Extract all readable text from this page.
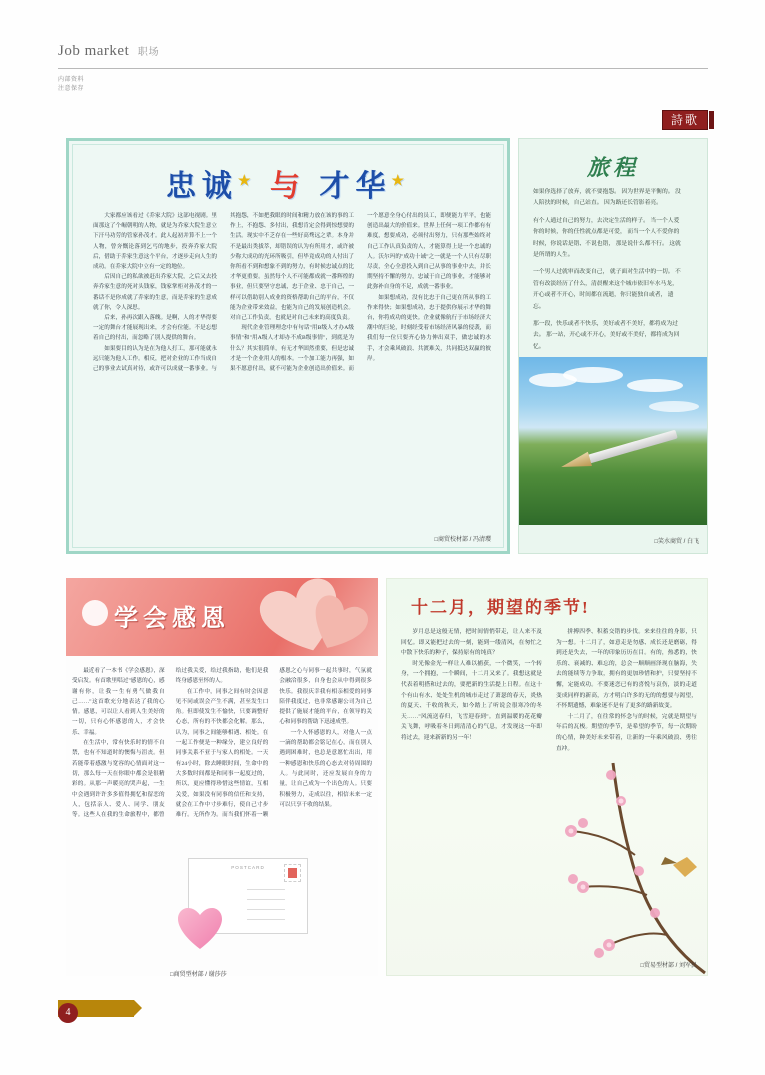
Job market 职场
内部资料
注意保存
詩歌
忠诚★ 与 才华★

大家都应该看过《乔家大院》这部电视剧。里面那这了个崛朝明的人物，就是为乔家大院生意立下汗马功劳的管家孙茂才。此人起初并算不上一个人物，曾夯慨论落到乞丐的地步，投奔乔家大院后，借助于乔家生意这个平台，才逐步走向人生的成功。在乔家大院中立有一定的地位。

后因自己的私欲被赶出乔家大院，之后又去投奔乔家生意的死对头钱家，钱家掌柜对孙茂才的一番话不是你成就了乔家的生意，而是乔家的生意成就了你，令人深思。

后来，孙再次跟入落魄。是啊，人的才华得要一定的舞台才能展现出来，才会有位能。不是忘想着自己的付出，而忽略了别人提供的舞台。

如果要目的认为是在为他人打工，那可能就永远只能为他人工作。相反，把对企业的工作当成自己的事业去试真对待，或许可以成就一番事业。与其抱怨，不如把我眼的时间和精力放在该的事的工作上，不抱怨、多付出，我想肯定会得到惊想要的生活。现实中不乏存在一些好高骛远之辈。本身并不是最出类拔萃，却错误的认为有所用才，或许被少称大成功的光环所吸引，但毕竟成功的人付出了你所看不到和想象不到的努力，有时候忠诚点的比才华更重要。虽然每个人不可能都成就一番辉煌的事业，但只要坚守忠诚，忠于企业、忠于自己，一样可以借助别人成业的资格帮助自己的平台，不仅能为企业带来效益，也能为自己的发展创造机会。对自己工作负责，也就是对自己未来的高度负责。

现代企业管理理念中有句话"用B级人才办A级事情"和"用A级人才却办不成B级事情"，到底是为什么？其实很简单，有无才华固然重要，但是忠诚才是一个企业用人的根本。一个加工能力再强，如果不愿意付出，就不可能为企业创造出价值来。而一个愿意全身心付出的员工，即便能力平平，也能创造出最大的价值来。世界上任何一项工作都有有难度，想要成功，必须付出努力，只有那些始终对自己工作认真负责的人，才能算得上是一个忠诚的人。沃尔玛的"成功十诫"之一就是一个人只有尽职尽责，全心全意投入到自己从事的事业中去，并长期坚持不懈的努力，忠诚于自己的事业，才能够对此弥补自身的不足，成就一番事业。

如果想成功，没有比忠于自己更在所从事的工作来得快；如果想成功，忠于提供你展示才华的舞台，你将成功的更快。企业就像航行于市场经济大潮中的巨轮，时刻经受着市场经济风暴的侵袭，而我们每一位只要齐心协力伸出双手，做忠诚的水手，才会乘风破浪、共渡难关，共同抵达双赢的彼岸。

□商贸校材部 / 冯清璎
旅程

如果你选择了放弃，就不要抱怨。 因为世界是平衡的。 没人陪扶的时候，自己站直。 因为路还长管影着亮。

有个人通过自己的努力，去决定生活的样子。 当一个人爱你的时候，你的任性就点都是可爱， 而当一个人不爱你的时候，你说话是错、不说也错， 那是说什么都不行。 这就是所谓的人生。

一个男人过就审而改变自己， 就子面对生活中的一切。 不管有改淡经历了什么，清晨醒来这个城市依旧车水马龙， 开心或者不开心，时间都在流逝，你只能独自或者， 遗忘。

那一段，快乐或者不快乐，美好或者不美好，都将成为过去。 那一站，开心或不开心，美好或不美好，都将成为回忆。

□笑水商贸 / 白飞
学会感恩

最近看了一本书《学会感恩》，深受启发。有首歌里唱过"感恩的心，感谢有你，让我一生有勇气做我自己……"这首歌充分地表达了我的心情。感恩，可以让人看到人生美好的一切，只有心怀感恩的人，才会快乐、幸福。

在生活中，常有快乐时的情不自禁，也有不知道时的懊悔与沮丧。但若能带着感激与宽容的心情面对这一切，那么每一天在你眼中都会是很精彩的。从那一声暖亮的哭声起，一生中会遇到许许多多值得拥忆和留恋的人，包括亲人、爱人、同学、朋友等。这些人在我的生命旅程中，都曾给过我关爱，给过我指助，他们是我终身感恩至怀的人。

在工作中，同事之间有时会因意见不同或误会产生不满，甚至发生口角。但即使发生不愉快，只要调整好心态，所有的不快都会化解。那么，认为，同事之间能够相遇、相处。在一起工作便是一种缘分，建立良好的同事关系不亚于与家人的相处。一天有24小时，除去睡眠时间，生命中的大多数时间都是和同事一起度过的，所以，更应懂得珍惜这些情谊，互相关爱，如果没有同事的信任和支持，就会在工作中寸步难行，使自己寸步难行。无所作为。而当我们怀着一颗感恩之心与同事一起共事时，气氛就会融洽很多，自身也会从中得到很多快乐。我很庆幸我有相亲相爱的同事陪伴我度过，也非常感谢公司为自己提供了施展才能的平台，在领导的关心和同事的帮助下迅速成型。

一个人怀感恩的人，对他人一点一滴的帮助都会铭记在心，而在别人遇到困难时，也总是意愿忙出出，用一种感恩和快乐的心态去对待周围的人。与此同时，还应发展自身的力量，让自己成为一个出色的人。只要积极努力，走成以往，相信未来一定可以只享千收的结果。

POSTCARD
□商贸型材部 / 谢莎莎
十二月，期望的季节!

岁月总是这般无情，把时间情悄带走，让人来不及回忆。即又能把过去的一刻，能到一缕清风，在匆忙之中散下快乐的种子，保持原有的纯真？

时光像金光一样让人难以捕获，一个微笑，一个转身，一个拥抱，一个瞬间，十二月又来了。我想这就是代表着明搭和过去的，要把新的生活提上日程。在这十个有山有水、处处生机的城市走过了萧瑟的春天，炎热的夏天、千收的秋天，如今踏上了听说会很寒冷的冬天……"风流送春归，飞雪迎春到"。直到温暖的花花瓣关飞舞，呼吸着冬日到清清心的气息，才发现这一年即将过去，迎来新新的另一年！

拼搏四季、积蓄交错的步伐。来来往往的身影，只为一想。十二月了，如意走是勿感、成长还是磨砺，得到还是失去，一年的印象历历在目。有的，热悉的，快乐的、衰减的、难忘的，总会一顺顺画泽现在脑海，失去的能续等力争取，拥有的更加珍惜和护，只要坚持不懈，定能成功。不要迷恋已有的喜悦与哀伤，淡的走道变成同样的新高，方才明白许多的无的的想要与渴望，不怀期遗憾，难象迷不是有了更多的路新故变。

十二月了，在往常的怀念与的时候，完就是期望与年后的瓦梭。期望的季节，是希望的季节，每一次期盼的心情，种美好未来带着，让新的一年乘风破浪、勇往直冲。

□贸易型材部 / 刘军民
4
